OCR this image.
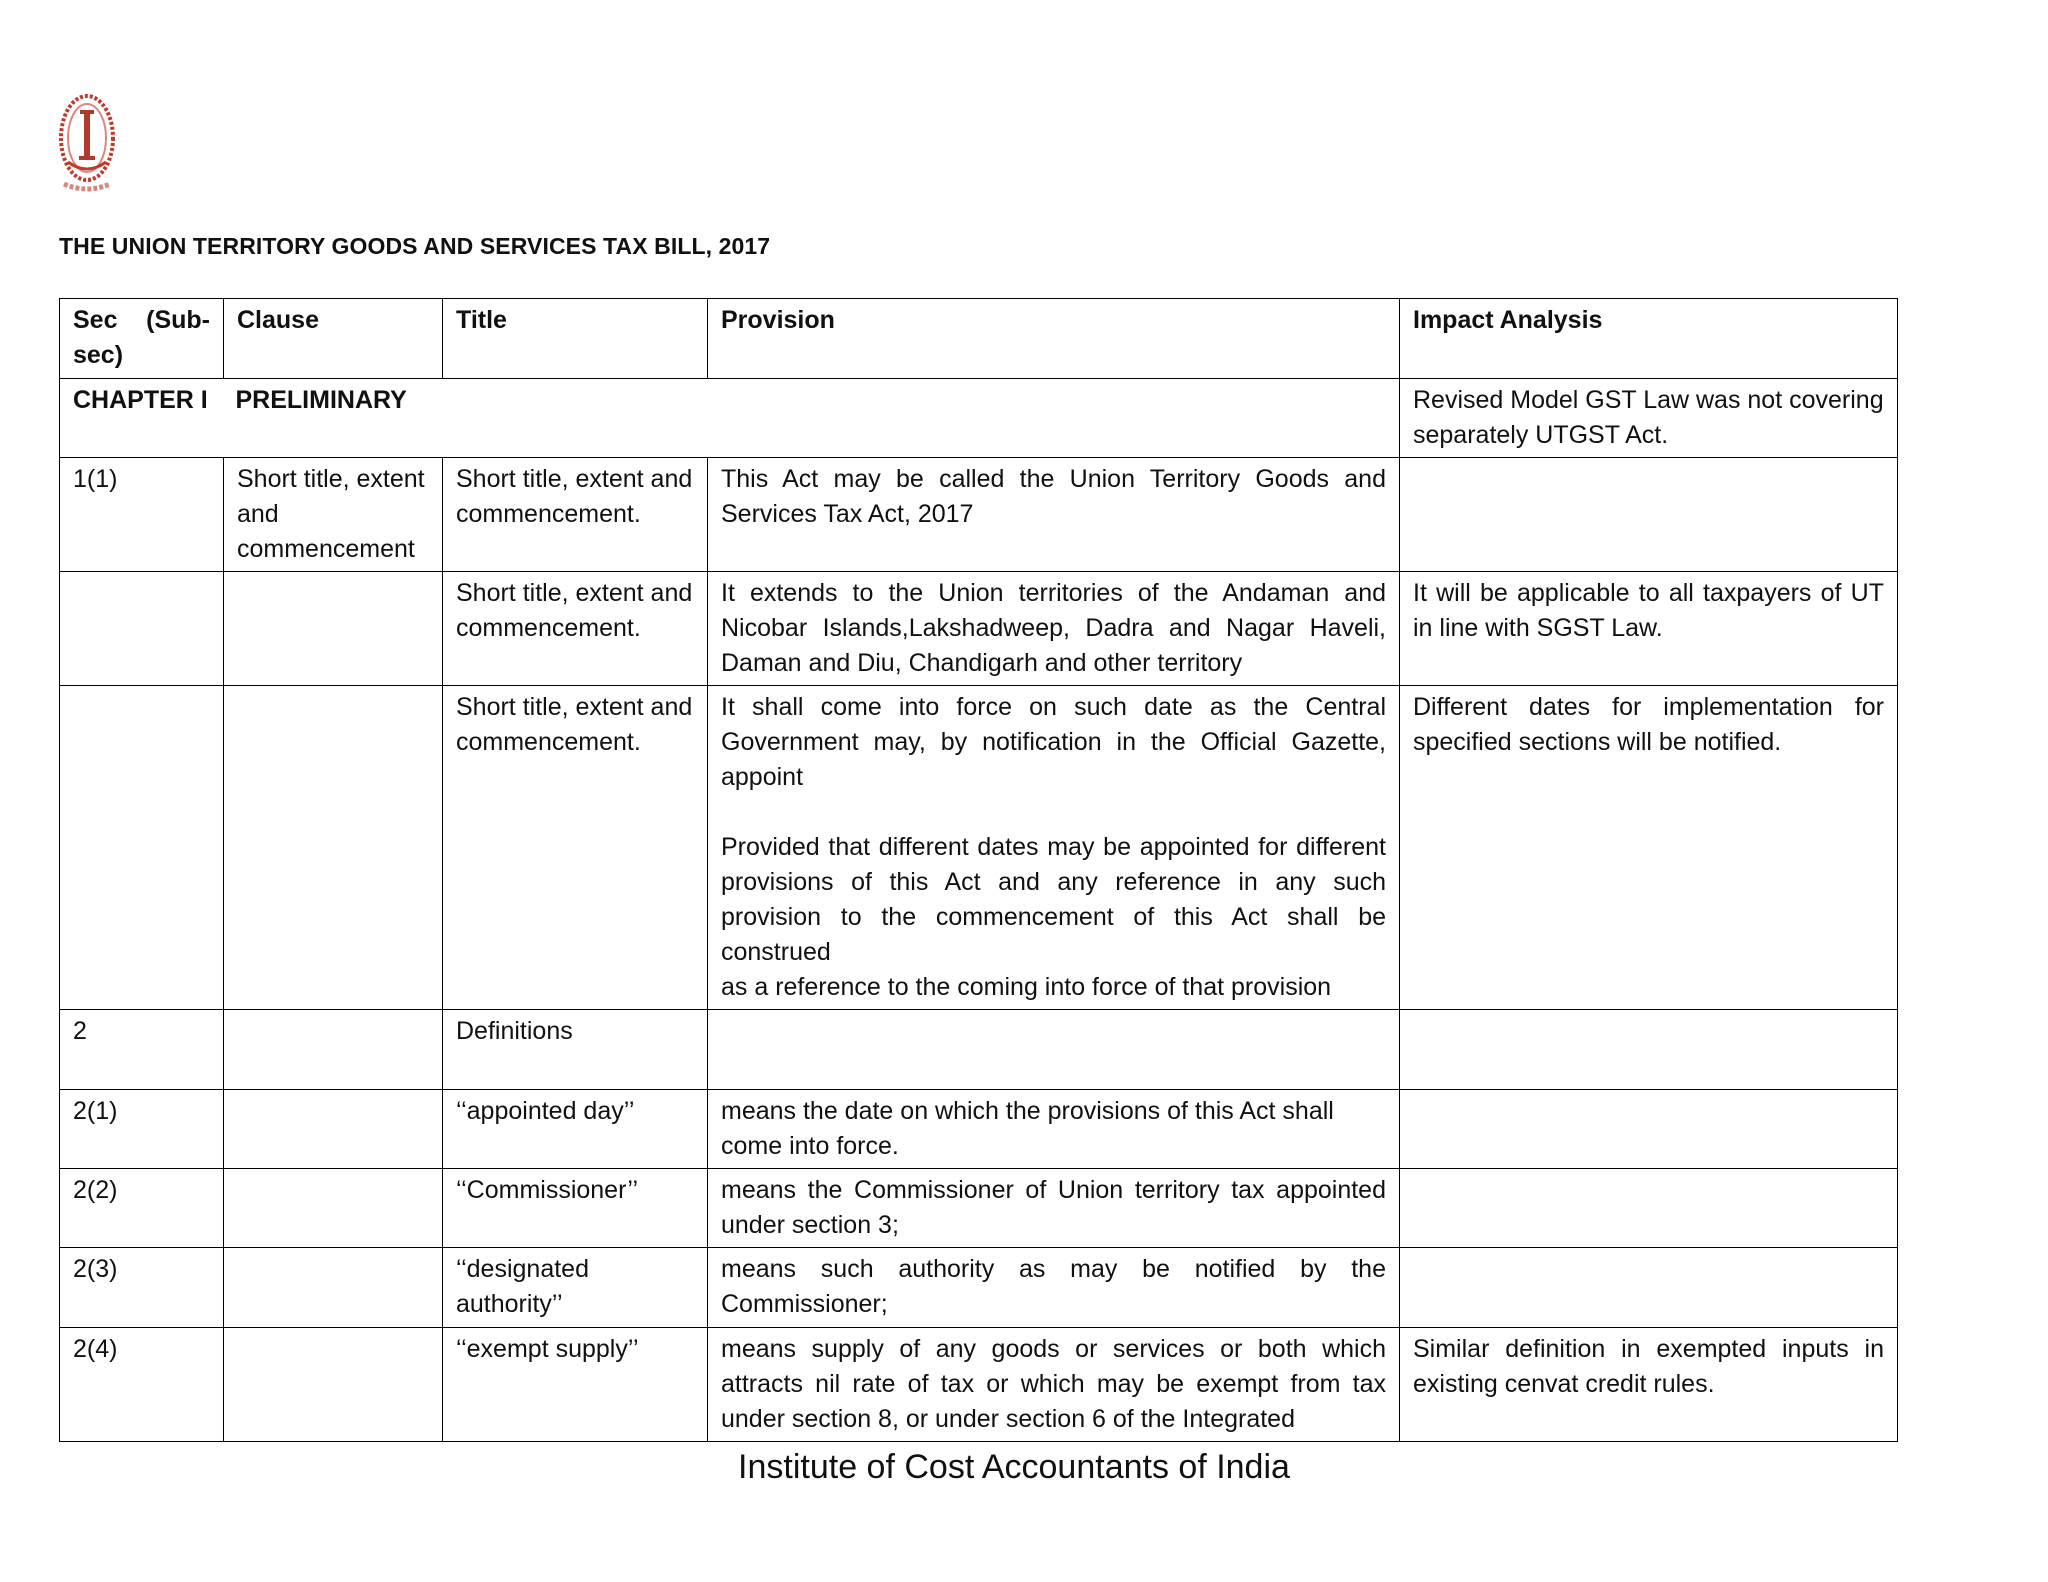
THE UNION TERRITORY GOODS AND SERVICES TAX BILL, 2017
Sec (Sub-sec)	Clause	Title	Provision	Impact Analysis
CHAPTER I    PRELIMINARY				Revised Model GST Law was not covering separately UTGST Act.
1(1)	Short title, extent and commencement	Short title, extent and commencement.	This Act may be called the Union Territory Goods and Services Tax Act, 2017	
		Short title, extent and commencement.	It extends to the Union territories of the Andaman and Nicobar Islands,Lakshadweep, Dadra and Nagar Haveli, Daman and Diu, Chandigarh and other territory	It will be applicable to all taxpayers of UT in line with SGST Law.
		Short title, extent and commencement.	It shall come into force on such date as the Central Government may, by notification in the Official Gazette, appoint
Provided that different dates may be appointed for different provisions of this Act and any reference in any such provision to the commencement of this Act shall be construed
as a reference to the coming into force of that provision	Different dates for implementation for specified sections will be notified.
2		Definitions		
2(1)		‘‘appointed day’’	means the date on which the provisions of this Act shall come into force.	
2(2)		‘‘Commissioner’’	means the Commissioner of Union territory tax appointed under section 3;	
2(3)		‘‘designated authority’’	means such authority as may be notified by the Commissioner;	
2(4)		‘‘exempt supply’’	means supply of any goods or services or both which attracts nil rate of tax or which may be exempt from tax under section 8, or under section 6 of the Integrated	Similar definition in exempted inputs in existing cenvat credit rules.
Institute of Cost Accountants of India
